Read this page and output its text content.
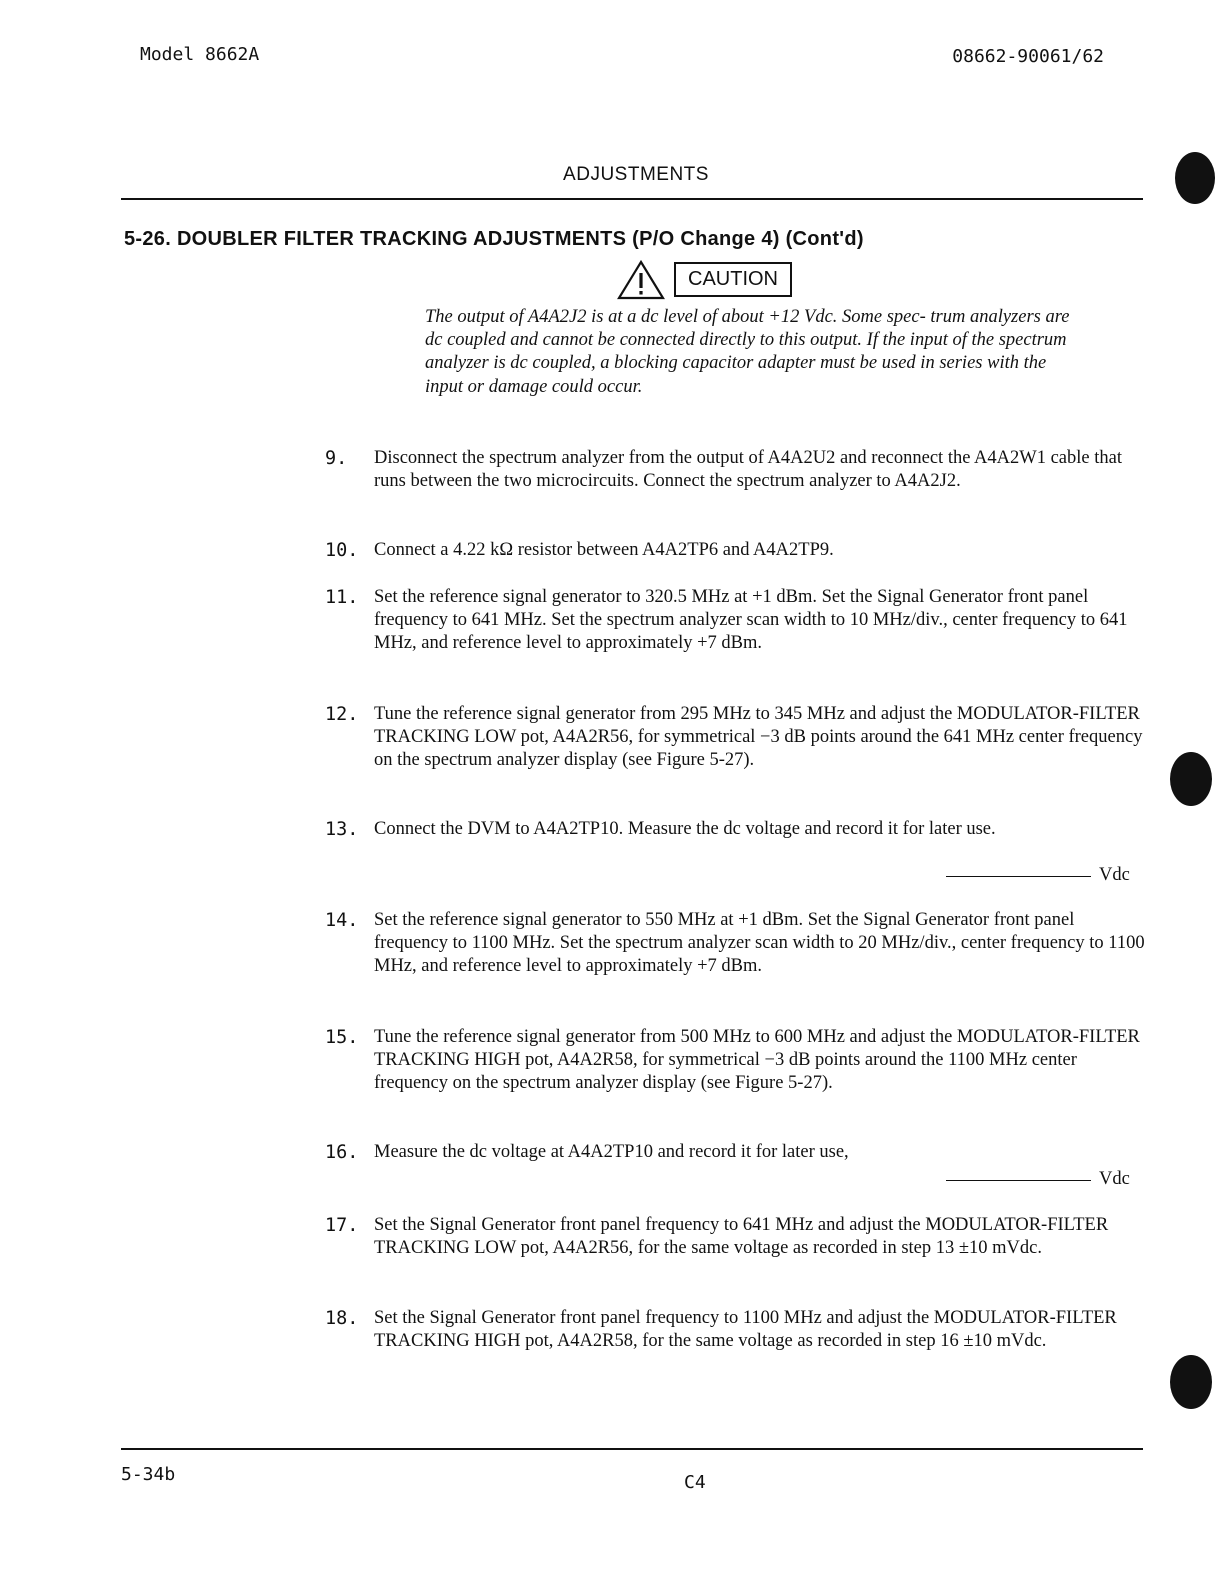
Model 8662A	08662-90061/62
ADJUSTMENTS
5-26. DOUBLER FILTER TRACKING ADJUSTMENTS (P/O Change 4) (Cont'd)
CAUTION
The output of A4A2J2 is at a dc level of about +12 Vdc. Some spec- trum analyzers are dc coupled and cannot be connected directly to this output. If the input of the spectrum analyzer is dc coupled, a blocking capacitor adapter must be used in series with the input or damage could occur.
9.	Disconnect the spectrum analyzer from the output of A4A2U2 and reconnect the A4A2W1 cable that runs between the two microcircuits. Connect the spectrum analyzer to A4A2J2.
10. Connect a 4.22 kΩ resistor between A4A2TP6 and A4A2TP9.
11. Set the reference signal generator to 320.5 MHz at +1 dBm. Set the Signal Generator front panel frequency to 641 MHz. Set the spectrum analyzer scan width to 10 MHz/div., center frequency to 641 MHz, and reference level to approximately +7 dBm.
12. Tune the reference signal generator from 295 MHz to 345 MHz and adjust the MODULATOR-FILTER TRACKING LOW pot, A4A2R56, for symmetrical −3 dB points around the 641 MHz center frequency on the spectrum analyzer display (see Figure 5-27).
13. Connect the DVM to A4A2TP10. Measure the dc voltage and record it for later use.
Vdc
14. Set the reference signal generator to 550 MHz at +1 dBm. Set the Signal Generator front panel frequency to 1100 MHz. Set the spectrum analyzer scan width to 20 MHz/div., center frequency to 1100 MHz, and reference level to approximately +7 dBm.
15. Tune the reference signal generator from 500 MHz to 600 MHz and adjust the MODULATOR-FILTER TRACKING HIGH pot, A4A2R58, for symmetrical −3 dB points around the 1100 MHz center frequency on the spectrum analyzer display (see Figure 5-27).
16. Measure the dc voltage at A4A2TP10 and record it for later use,
Vdc
17. Set the Signal Generator front panel frequency to 641 MHz and adjust the MODULATOR-FILTER TRACKING LOW pot, A4A2R56, for the same voltage as recorded in step 13 ±10 mVdc.
18. Set the Signal Generator front panel frequency to 1100 MHz and adjust the MODULATOR-FILTER TRACKING HIGH pot, A4A2R58, for the same voltage as recorded in step 16 ±10 mVdc.
5-34b	C4
